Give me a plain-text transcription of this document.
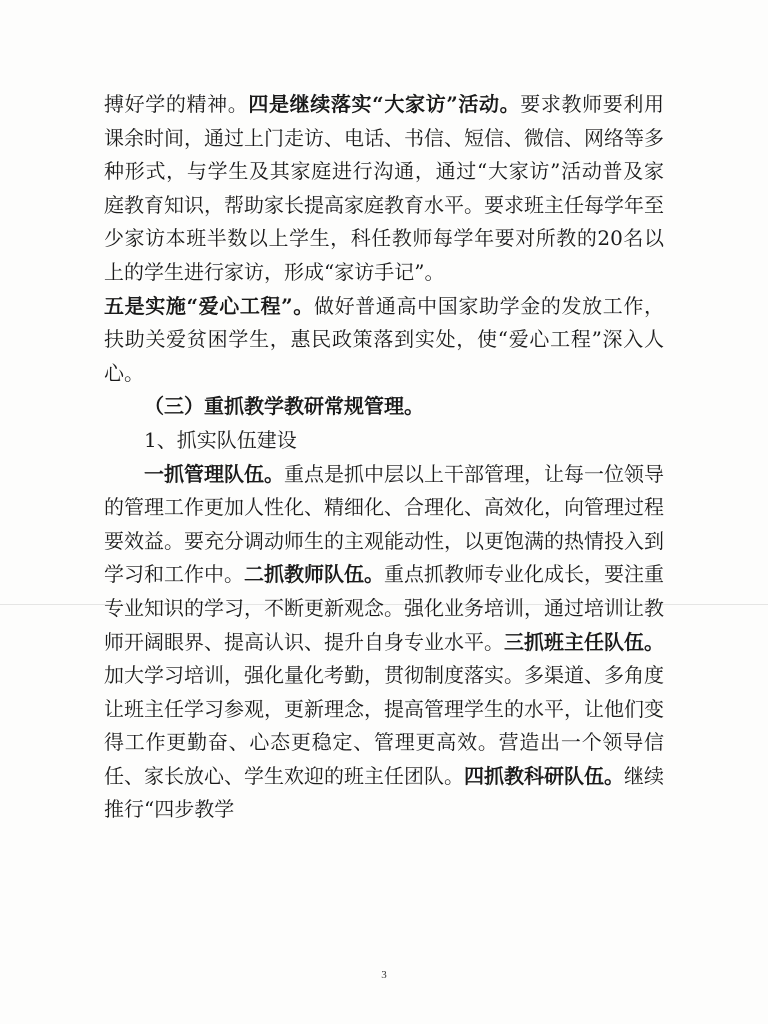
搏好学的精神。四是继续落实“大家访”活动。要求教师要利用课余时间，通过上门走访、电话、书信、短信、微信、网络等多种形式，与学生及其家庭进行沟通，通过“大家访”活动普及家庭教育知识，帮助家长提高家庭教育水平。要求班主任每学年至少家访本班半数以上学生，科任教师每学年要对所教的20名以上的学生进行家访，形成“家访手记”。

五是实施“爱心工程”。做好普通高中国家助学金的发放工作，扶助关爱贫困学生，惠民政策落到实处，使“爱心工程”深入人心。

（三）重抓教学教研常规管理。

1、抓实队伍建设

一抓管理队伍。重点是抓中层以上干部管理，让每一位领导的管理工作更加人性化、精细化、合理化、高效化，向管理过程要效益。要充分调动师生的主观能动性，以更饱满的热情投入到学习和工作中。二抓教师队伍。重点抓教师专业化成长，要注重专业知识的学习，不断更新观念。强化业务培训，通过培训让教师开阔眼界、提高认识、提升自身专业水平。三抓班主任队伍。加大学习培训，强化量化考勤，贯彻制度落实。多渠道、多角度让班主任学习参观，更新理念，提高管理学生的水平，让他们变得工作更勤奋、心态更稳定、管理更高效。营造出一个领导信任、家长放心、学生欢迎的班主任团队。四抓教科研队伍。继续推行“四步教学

3
